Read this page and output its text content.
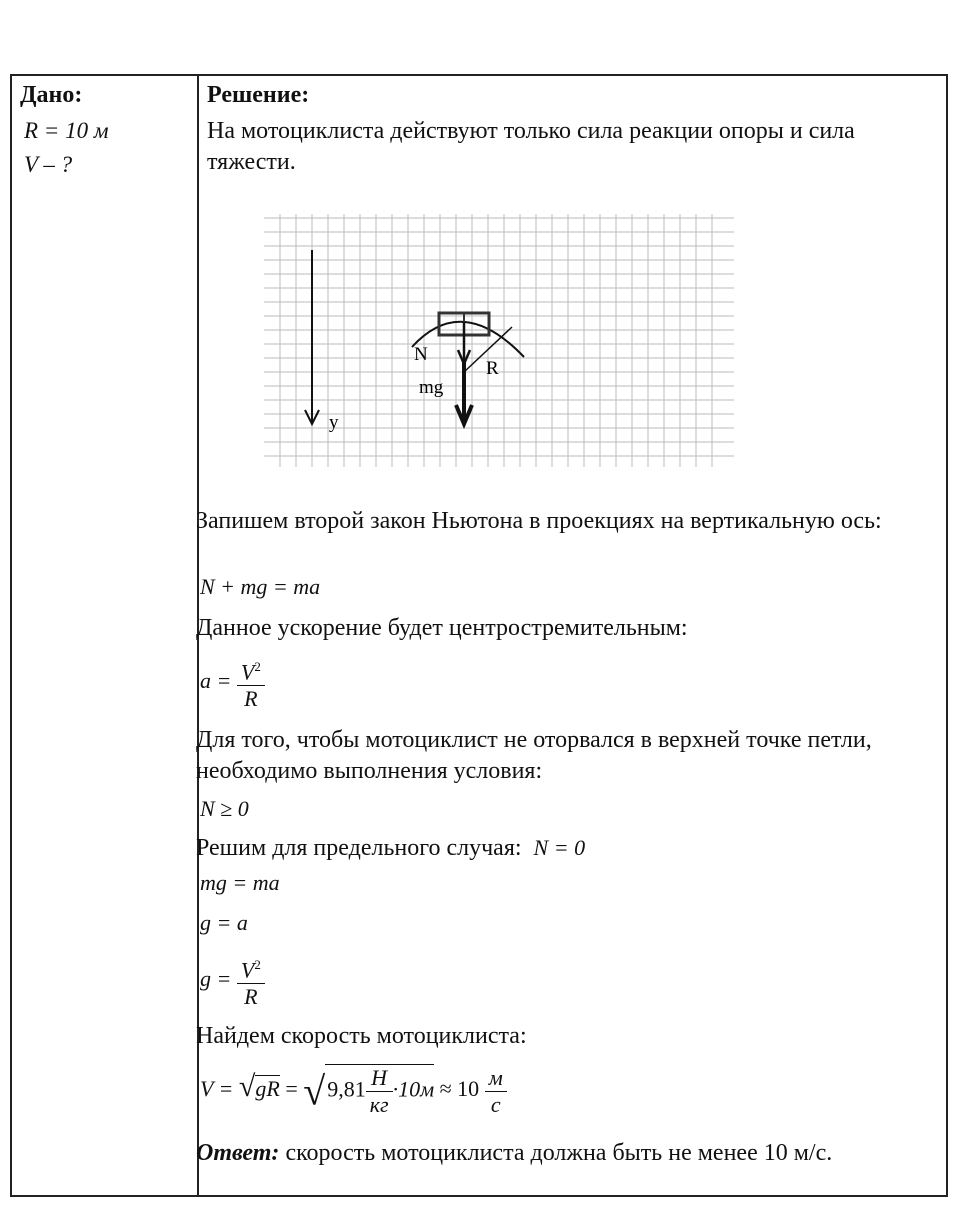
Дано:
R = 10 м
V – ?
Решение:
На мотоциклиста действуют только сила реакции опоры и сила тяжести.
N
mg
R
y
Запишем второй закон Ньютона в проекциях на вертикальную ось:
N + mg = ma
Данное ускорение будет центростремительным:
$a = \frac{V^2}{R}$
Для того, чтобы мотоциклист не оторвался в верхней точке петли, необходимо выполнения условия:
N ≥ 0
Решим для предельного случая: N = 0
mg = ma
g = a
$g = \frac{V^2}{R}$
Найдем скорость мотоциклиста:
$V = √gR = √9,81 \frac{Н}{кг} \cdot 10м \approx 10 \frac{м}{с}$
Ответ: скорость мотоциклиста должна быть не менее 10 м/с.
